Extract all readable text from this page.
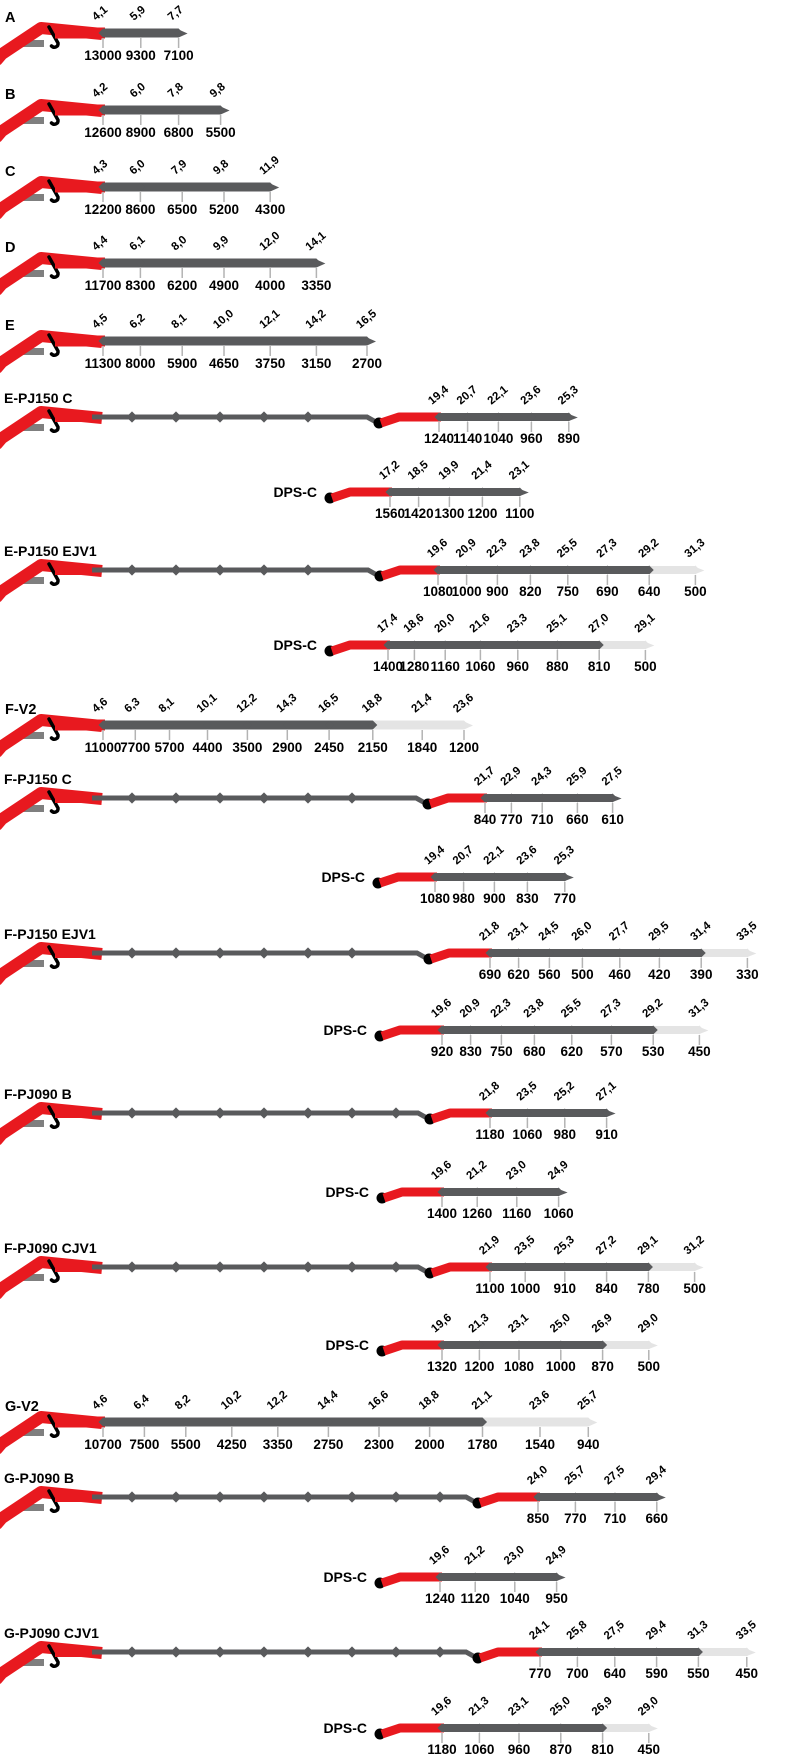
A
13000
4,1
9300
5,9
7100
7,7
B
12600
4,2
8900
6,0
6800
7,8
5500
9,8
C
12200
4,3
8600
6,0
6500
7,9
5200
9,8
4300
11,9
D
11700
4,4
8300
6,1
6200
8,0
4900
9,9
4000
12,0
3350
14,1
E
11300
4,5
8000
6,2
5900
8,1
4650
10,0
3750
12,1
3150
14,2
2700
16,5
E-PJ150 C
1240
19,4
1140
20,7
1040
22,1
960
23,6
890
25,3
DPS-C
1560
17,2
1420
18,5
1300
19,9
1200
21,4
1100
23,1
E-PJ150 EJV1
1080
19,6
1000
20,9
900
22,3
820
23,8
750
25,5
690
27,3
640
29,2
500
31,3
DPS-C
1400
17,4
1280
18,6
1160
20,0
1060
21,6
960
23,3
880
25,1
810
27,0
500
29,1
F-V2
11000
4,6
7700
6,3
5700
8,1
4400
10,1
3500
12,2
2900
14,3
2450
16,5
2150
18,8
1840
21,4
1200
23,6
F-PJ150 C
840
21,7
770
22,9
710
24,3
660
25,9
610
27,5
DPS-C
1080
19,4
980
20,7
900
22,1
830
23,6
770
25,3
F-PJ150 EJV1
690
21,8
620
23,1
560
24,5
500
26,0
460
27,7
420
29,5
390
31,4
330
33,5
DPS-C
920
19,6
830
20,9
750
22,3
680
23,8
620
25,5
570
27,3
530
29,2
450
31,3
F-PJ090 B
1180
21,8
1060
23,5
980
25,2
910
27,1
DPS-C
1400
19,6
1260
21,2
1160
23,0
1060
24,9
F-PJ090 CJV1
1100
21,9
1000
23,5
910
25,3
840
27,2
780
29,1
500
31,2
DPS-C
1320
19,6
1200
21,3
1080
23,1
1000
25,0
870
26,9
500
29,0
G-V2
10700
4,6
7500
6,4
5500
8,2
4250
10,2
3350
12,2
2750
14,4
2300
16,6
2000
18,8
1780
21,1
1540
23,6
940
25,7
G-PJ090 B
850
24,0
770
25,7
710
27,5
660
29,4
DPS-C
1240
19,6
1120
21,2
1040
23,0
950
24,9
G-PJ090 CJV1
770
24,1
700
25,8
640
27,5
590
29,4
550
31,3
450
33,5
DPS-C
1180
19,6
1060
21,3
960
23,1
870
25,0
810
26,9
450
29,0
